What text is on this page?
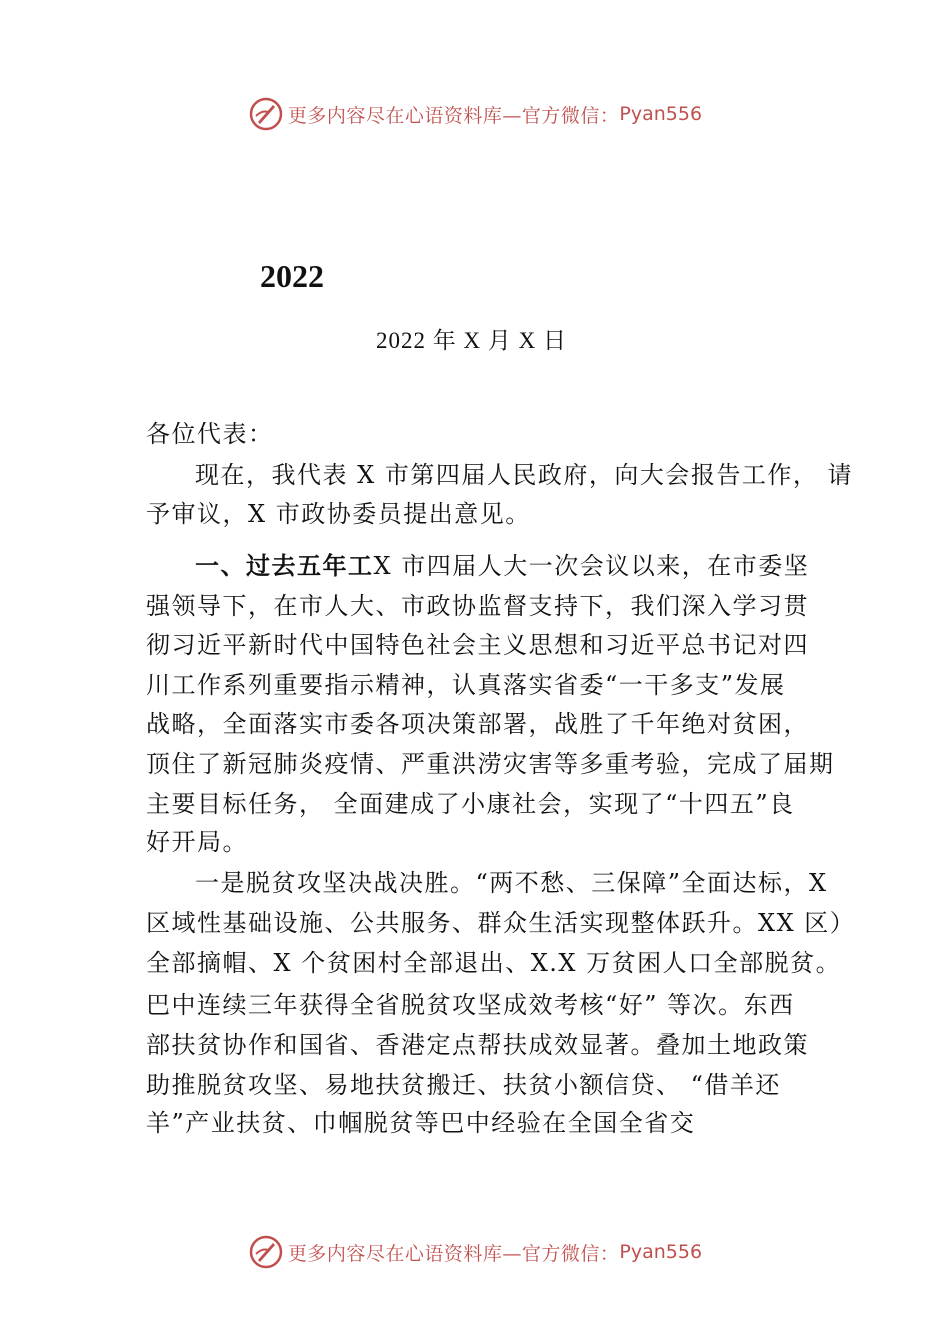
更多内容尽在心语资料库—官方微信： Pyan556
2022
2022 年 X 月 X 日
各位代表：
现在，我代表 X 市第四届人民政府，向大会报告工作， 请
予审议，X 市政协委员提出意见。
一、过去五年工X 市四届人大一次会议以来，在市委坚
强领导下，在市人大、市政协监督支持下，我们深入学习贯
彻习近平新时代中国特色社会主义思想和习近平总书记对四
川工作系列重要指示精神，认真落实省委“一干多支”发展
战略，全面落实市委各项决策部署，战胜了千年绝对贫困，
顶住了新冠肺炎疫情、严重洪涝灾害等多重考验，完成了届期
主要目标任务， 全面建成了小康社会，实现了“十四五”良
好开局。
一是脱贫攻坚决战决胜。“两不愁、三保障”全面达标，X
区域性基础设施、公共服务、群众生活实现整体跃升。XX 区）
全部摘帽、X 个贫困村全部退出、X.X 万贫困人口全部脱贫。
巴中连续三年获得全省脱贫攻坚成效考核“好” 等次。东西
部扶贫协作和国省、香港定点帮扶成效显著。叠加土地政策
助推脱贫攻坚、易地扶贫搬迁、扶贫小额信贷、 “借羊还
羊”产业扶贫、巾帼脱贫等巴中经验在全国全省交
更多内容尽在心语资料库—官方微信： Pyan556
